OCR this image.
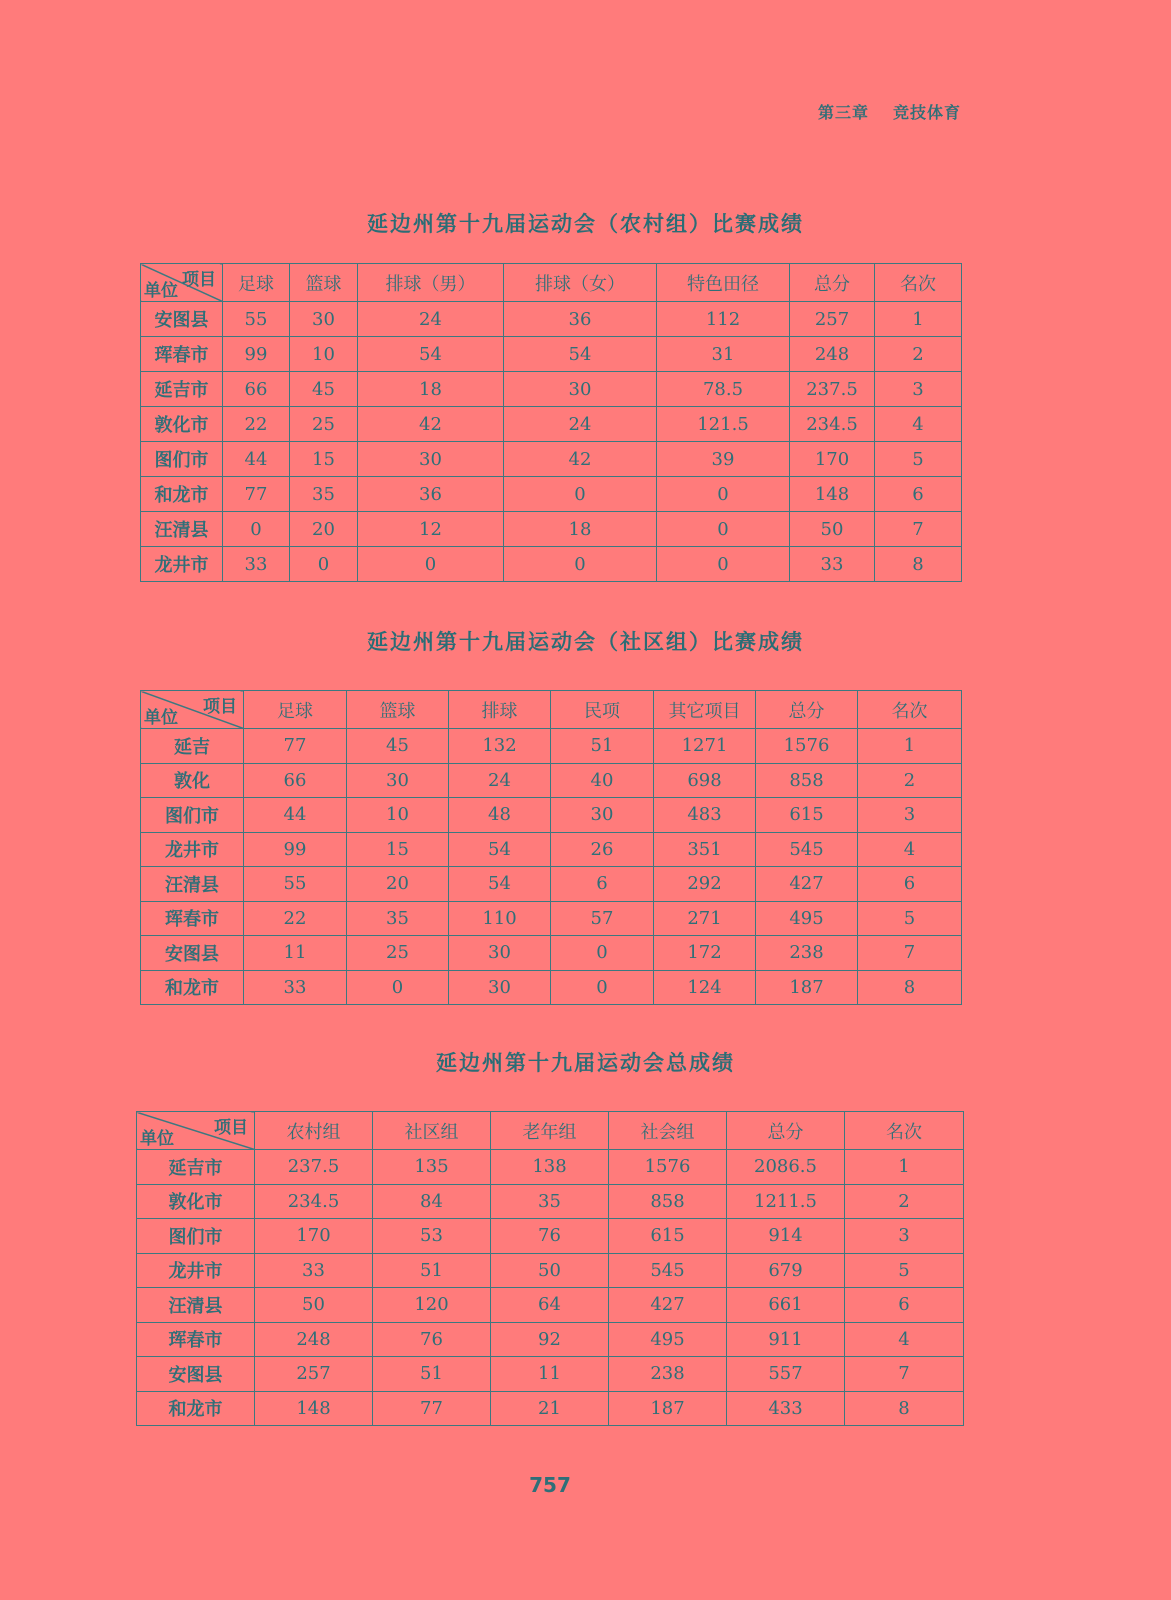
第三章 竞技体育
延边州第十九届运动会（农村组）比赛成绩
项目
单位	足球	篮球	排球（男）	排球（女）	特色田径	总分	名次
安图县	55	30	24	36	112	257	1
珲春市	99	10	54	54	31	248	2
延吉市	66	45	18	30	78.5	237.5	3
敦化市	22	25	42	24	121.5	234.5	4
图们市	44	15	30	42	39	170	5
和龙市	77	35	36	0	0	148	6
汪清县	0	20	12	18	0	50	7
龙井市	33	0	0	0	0	33	8
延边州第十九届运动会（社区组）比赛成绩
项目
单位	足球	篮球	排球	民项	其它项目	总分	名次
延吉	77	45	132	51	1271	1576	1
敦化	66	30	24	40	698	858	2
图们市	44	10	48	30	483	615	3
龙井市	99	15	54	26	351	545	4
汪清县	55	20	54	6	292	427	6
珲春市	22	35	110	57	271	495	5
安图县	11	25	30	0	172	238	7
和龙市	33	0	30	0	124	187	8
延边州第十九届运动会总成绩
项目
单位	农村组	社区组	老年组	社会组	总分	名次
延吉市	237.5	135	138	1576	2086.5	1
敦化市	234.5	84	35	858	1211.5	2
图们市	170	53	76	615	914	3
龙井市	33	51	50	545	679	5
汪清县	50	120	64	427	661	6
珲春市	248	76	92	495	911	4
安图县	257	51	11	238	557	7
和龙市	148	77	21	187	433	8
757
